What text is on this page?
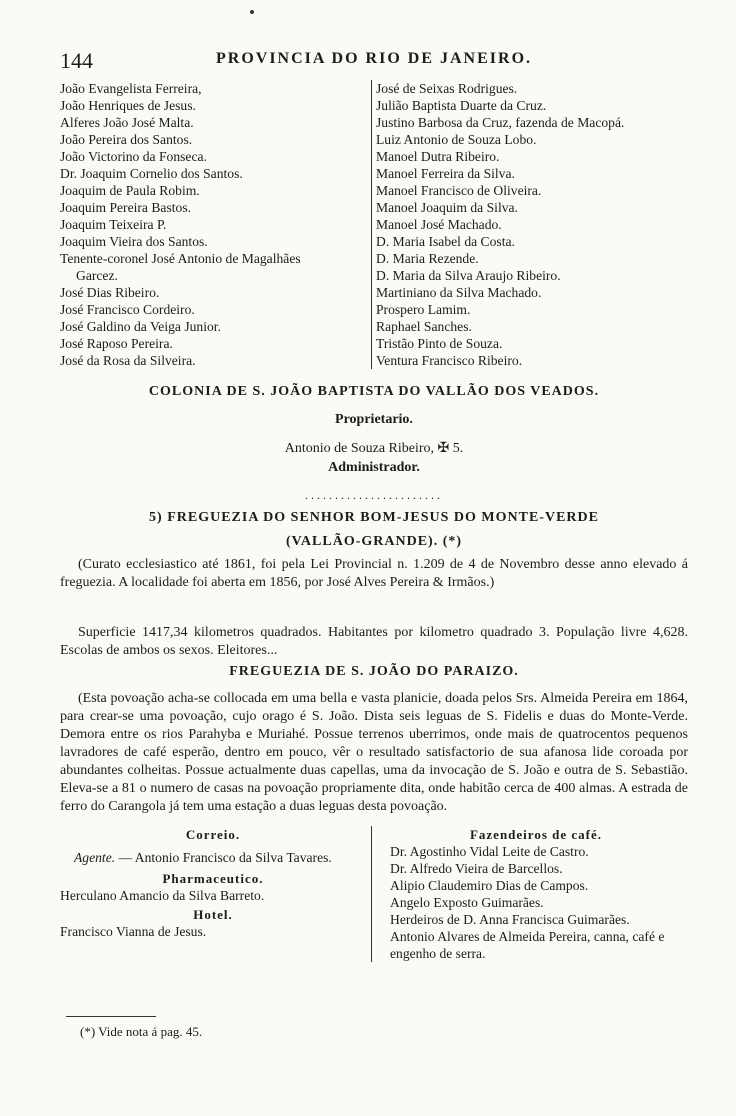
144	PROVINCIA DO RIO DE JANEIRO.
João Evangelista Ferreira,
João Henriques de Jesus.
Alferes João José Malta.
João Pereira dos Santos.
João Victorino da Fonseca.
Dr. Joaquim Cornelio dos Santos.
Joaquim de Paula Robim.
Joaquim Pereira Bastos.
Joaquim Teixeira P.
Joaquim Vieira dos Santos.
Tenente-coronel José Antonio de Magalhães
Garcez.
José Dias Ribeiro.
José Francisco Cordeiro.
José Galdino da Veiga Junior.
José Raposo Pereira.
José da Rosa da Silveira.
José de Seixas Rodrigues.
Julião Baptista Duarte da Cruz.
Justino Barbosa da Cruz, fazenda de Macopá.
Luiz Antonio de Souza Lobo.
Manoel Dutra Ribeiro.
Manoel Ferreira da Silva.
Manoel Francisco de Oliveira.
Manoel Joaquim da Silva.
Manoel José Machado.
D. Maria Isabel da Costa.
D. Maria Rezende.
D. Maria da Silva Araujo Ribeiro.
Martiniano da Silva Machado.
Prospero Lamim.
Raphael Sanches.
Tristão Pinto de Souza.
Ventura Francisco Ribeiro.
COLONIA DE S. JOÃO BAPTISTA DO VALLÃO DOS VEADOS.
Proprietario.
Antonio de Souza Ribeiro, ✠ 5.
Administrador.
.......................
5) FREGUEZIA DO SENHOR BOM-JESUS DO MONTE-VERDE
(VALLÃO-GRANDE). (*)
(Curato ecclesiastico até 1861, foi pela Lei Provincial n. 1.209 de 4 de Novembro desse anno elevado á freguezia. A localidade foi aberta em 1856, por José Alves Pereira & Irmãos.)
Superficie 1417,34 kilometros quadrados. Habitantes por kilometro quadrado 3. População livre 4,628. Escolas de ambos os sexos. Eleitores...
FREGUEZIA DE S. JOÃO DO PARAIZO.
(Esta povoação acha-se collocada em uma bella e vasta planicie, doada pelos Srs. Almeida Pereira em 1864, para crear-se uma povoação, cujo orago é S. João. Dista seis leguas de S. Fidelis e duas do Monte-Verde. Demora entre os rios Parahyba e Muriahé. Possue terrenos uberrimos, onde mais de quatrocentos pequenos lavradores de café esperão, dentro em pouco, vêr o resultado satisfactorio de sua afanosa lide coroada por abundantes colheitas. Possue actualmente duas capellas, uma da invocação de S. João e outra de S. Sebastião. Eleva-se a 81 o numero de casas na povoação propriamente dita, onde habitão cerca de 400 almas. A estrada de ferro do Carangola já tem uma estação a duas leguas desta povoação.
Correio.
Agente. — Antonio Francisco da Silva Tavares.
Pharmaceutico.
Herculano Amancio da Silva Barreto.
Hotel.
Francisco Vianna de Jesus.
Fazendeiros de café.
Dr. Agostinho Vidal Leite de Castro.
Dr. Alfredo Vieira de Barcellos.
Alipio Claudemiro Dias de Campos.
Angelo Exposto Guimarães.
Herdeiros de D. Anna Francisca Guimarães.
Antonio Alvares de Almeida Pereira, canna, café e engenho de serra.
(*) Vide nota á pag. 45.
